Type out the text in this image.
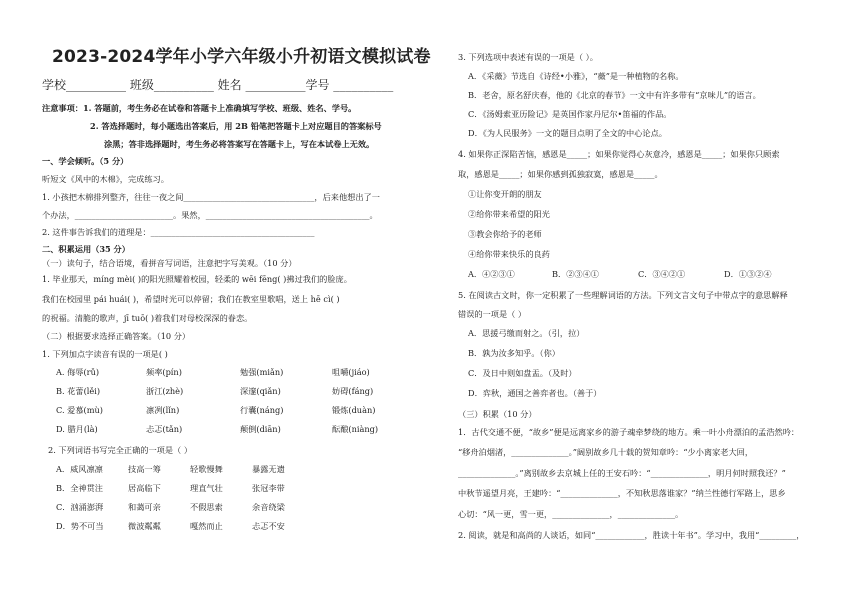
2023-2024学年小学六年级小升初语文模拟试卷
学校__________ 班级__________ 姓名 __________学号 __________
注意事项：1. 答题前，考生务必在试卷和答题卡上准确填写学校、班级、姓名、学号。
2. 答选择题时，每小题选出答案后，用 2B 铅笔把答题卡上对应题目的答案标号
涂黑；答非选择题时，考生务必将答案写在答题卡上，写在本试卷上无效。
一、学会倾听。（5 分）
听短文《风中的木棉》，完成练习。
1. 小孩把木棉排列整齐，往往一夜之间________________________________，后来他想出了一
个办法，________________________。果然，________________________________________。
2. 这件事告诉我们的道理是：________________________________________
二、积累运用（35 分）
（一）读句子，结合语境，看拼音写词语，注意把字写美观。（10 分）
1. 毕业那天，míng mèi( )的阳光照耀着校园，轻柔的 wēi fēng( )拂过我们的脸庞。
我们在校园里 pái huái( )，希望时光可以停留；我们在教室里歌唱，送上 hē cì( )
的祝福。清脆的歌声，jī tuō( )着我们对母校深深的眷恋。
（二）根据要求选择正确答案。（10 分）
1. 下列加点字读音有误的一项是( )
A. 侮辱(rǔ)	频率(pín)	勉强(miǎn)	咀嚼(jiáo)
B. 花蕾(lěi)	浙江(zhè)	深邃(qiǎn)	妨碍(fáng)
C. 爱慕(mù)	凛冽(lǐn)	行囊(náng)	锻炼(duàn)
D. 腊月(là)	忐忑(tǎn)	颠倒(diān)	酝酿(niàng)
2. 下列词语书写完全正确的一项是（ ）
A．威风凛凛	技高一筹	轻歌慢舞	暴露无遗
B．全神贯注	居高临下	理直气壮	张冠李带
C．汹涌澎湃	和蔼可亲	不假思索	余音绕梁
D．势不可当	微波粼粼	嘎然而止	忐忑不安
3. 下列选项中表述有误的一项是（ ）。
A．《采薇》节选自《诗经•小雅》，“薇”是一种植物的名称。
B．老舍，原名舒庆春，他的《北京的春节》一文中有许多带有“京味儿”的语言。
C．《汤姆索亚历险记》是英国作家丹尼尔•笛福的作品。
D．《为人民服务》一文的题目点明了全文的中心论点。
4. 如果你正深陷苦恼，感恩是_____；如果你觉得心灰意冷，感恩是_____；如果你只顾索
取，感恩是_____；如果你感到孤独寂寞，感恩是_____。
①让你变开朗的朋友
②给你带来希望的阳光
③教会你给予的老师
④给你带来快乐的良药
A．④②③①	B．②③④①	C．③④②①	D．①③②④
5. 在阅读古文时，你一定积累了一些理解词语的方法。下列文言文句子中带点字的意思解释
错误的一项是（ ）
A．思援弓缴而射之。（引，拉）
B．孰为汝多知乎。（你）
C．及日中则如盘盂。（及时）
D．弈秋，通国之善弈者也。（善于）
（三）积累（10 分）
1．古代交通不便，“故乡”便是远离家乡的游子魂牵梦绕的地方。乘一叶小舟漂泊的孟浩然吟：
“移舟泊烟渚，______________。”阔别故乡几十载的贺知章吟：“少小离家老大回，
______________。”离别故乡去京城上任的王安石吟：“______________，明月何时照我还？”
中秋节遥望月亮，王建吟：“______________，不知秋思落谁家？”纳兰性德行军路上，思乡
心切：“风一更，雪一更，______________，______________。
2. 阅读，就是和高尚的人谈话，如同“____________，胜读十年书”。学习中，我用“_________，
